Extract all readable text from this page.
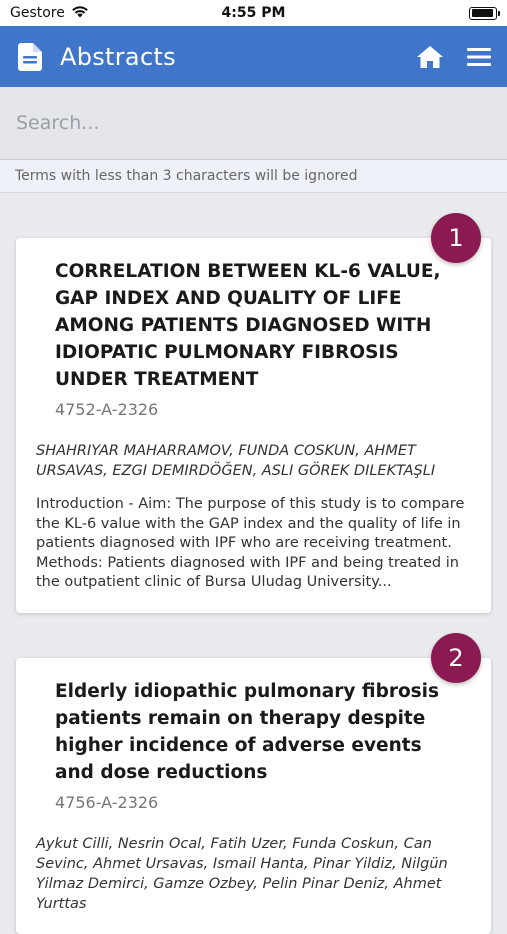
Gestore	4:55 PM
Abstracts
Search...
Terms with less than 3 characters will be ignored
1
CORRELATION BETWEEN KL-6 VALUE, GAP INDEX AND QUALITY OF LIFE AMONG PATIENTS DIAGNOSED WITH IDIOPATIC PULMONARY FIBROSIS UNDER TREATMENT
4752-A-2326
SHAHRIYAR MAHARRAMOV, FUNDA COSKUN, AHMET URSAVAS, EZGI DEMIRDÖĞEN, ASLI GÖREK DILEKTAŞLI
Introduction - Aim: The purpose of this study is to compare the KL-6 value with the GAP index and the quality of life in patients diagnosed with IPF who are receiving treatment. Methods: Patients diagnosed with IPF and being treated in the outpatient clinic of Bursa Uludag University...
2
Elderly idiopathic pulmonary fibrosis patients remain on therapy despite higher incidence of adverse events and dose reductions
4756-A-2326
Aykut Cilli, Nesrin Ocal, Fatih Uzer, Funda Coskun, Can Sevinc, Ahmet Ursavas, Ismail Hanta, Pinar Yildiz, Nilgün Yilmaz Demirci, Gamze Ozbey, Pelin Pinar Deniz, Ahmet Yurttas
